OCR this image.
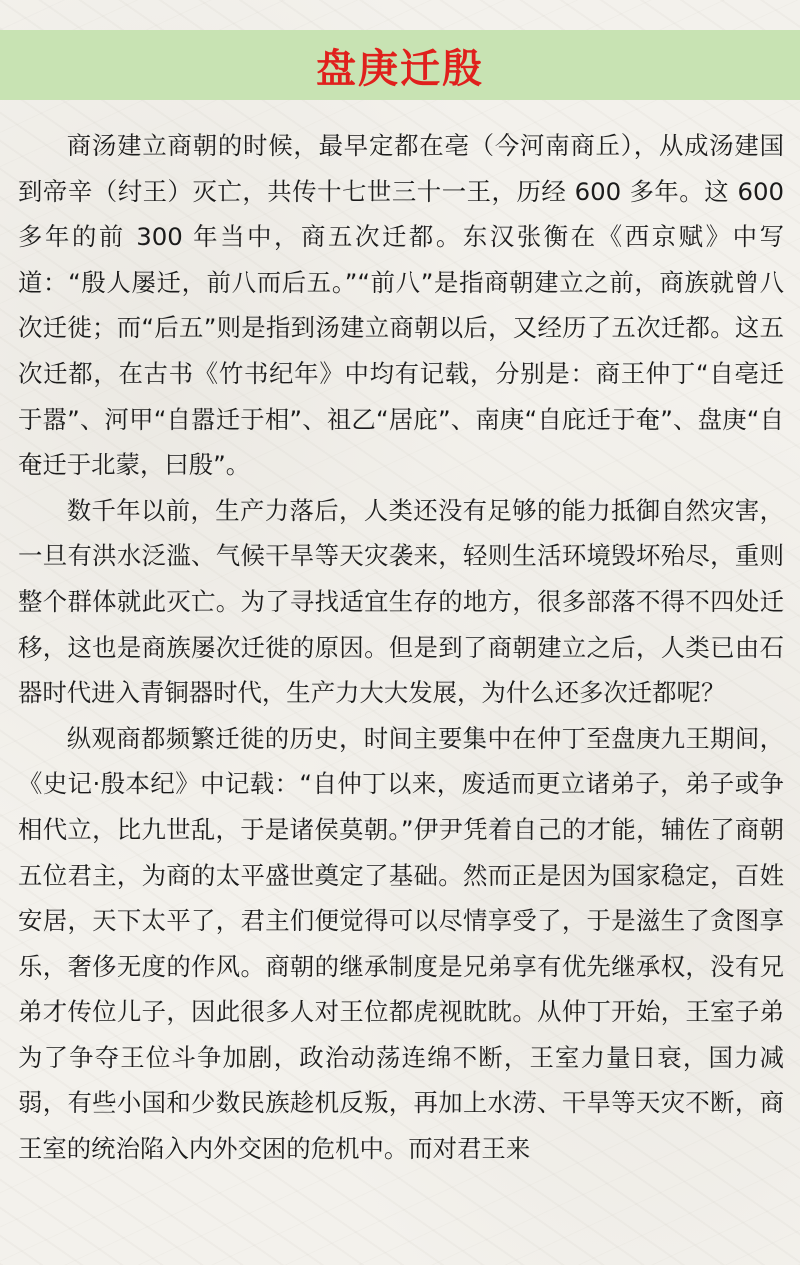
盘庚迁殷

商汤建立商朝的时候，最早定都在亳（今河南商丘），从成汤建国到帝辛（纣王）灭亡，共传十七世三十一王，历经 600 多年。这 600 多年的前 300 年当中，商五次迁都。东汉张衡在《西京赋》中写道：“殷人屡迁，前八而后五。”“前八”是指商朝建立之前，商族就曾八次迁徙；而“后五”则是指到汤建立商朝以后，又经历了五次迁都。这五次迁都，在古书《竹书纪年》中均有记载，分别是：商王仲丁“自亳迁于嚣”、河甲“自嚣迁于相”、祖乙“居庇”、南庚“自庇迁于奄”、盘庚“自奄迁于北蒙，曰殷”。

数千年以前，生产力落后，人类还没有足够的能力抵御自然灾害，一旦有洪水泛滥、气候干旱等天灾袭来，轻则生活环境毁坏殆尽，重则整个群体就此灭亡。为了寻找适宜生存的地方，很多部落不得不四处迁移，这也是商族屡次迁徙的原因。但是到了商朝建立之后，人类已由石器时代进入青铜器时代，生产力大大发展，为什么还多次迁都呢？

纵观商都频繁迁徙的历史，时间主要集中在仲丁至盘庚九王期间，《史记·殷本纪》中记载：“自仲丁以来，废适而更立诸弟子，弟子或争相代立，比九世乱，于是诸侯莫朝。”伊尹凭着自己的才能，辅佐了商朝五位君主，为商的太平盛世奠定了基础。然而正是因为国家稳定，百姓安居，天下太平了，君主们便觉得可以尽情享受了，于是滋生了贪图享乐，奢侈无度的作风。商朝的继承制度是兄弟享有优先继承权，没有兄弟才传位儿子，因此很多人对王位都虎视眈眈。从仲丁开始，王室子弟为了争夺王位斗争加剧，政治动荡连绵不断，王室力量日衰，国力减弱，有些小国和少数民族趁机反叛，再加上水涝、干旱等天灾不断，商王室的统治陷入内外交困的危机中。而对君王来
